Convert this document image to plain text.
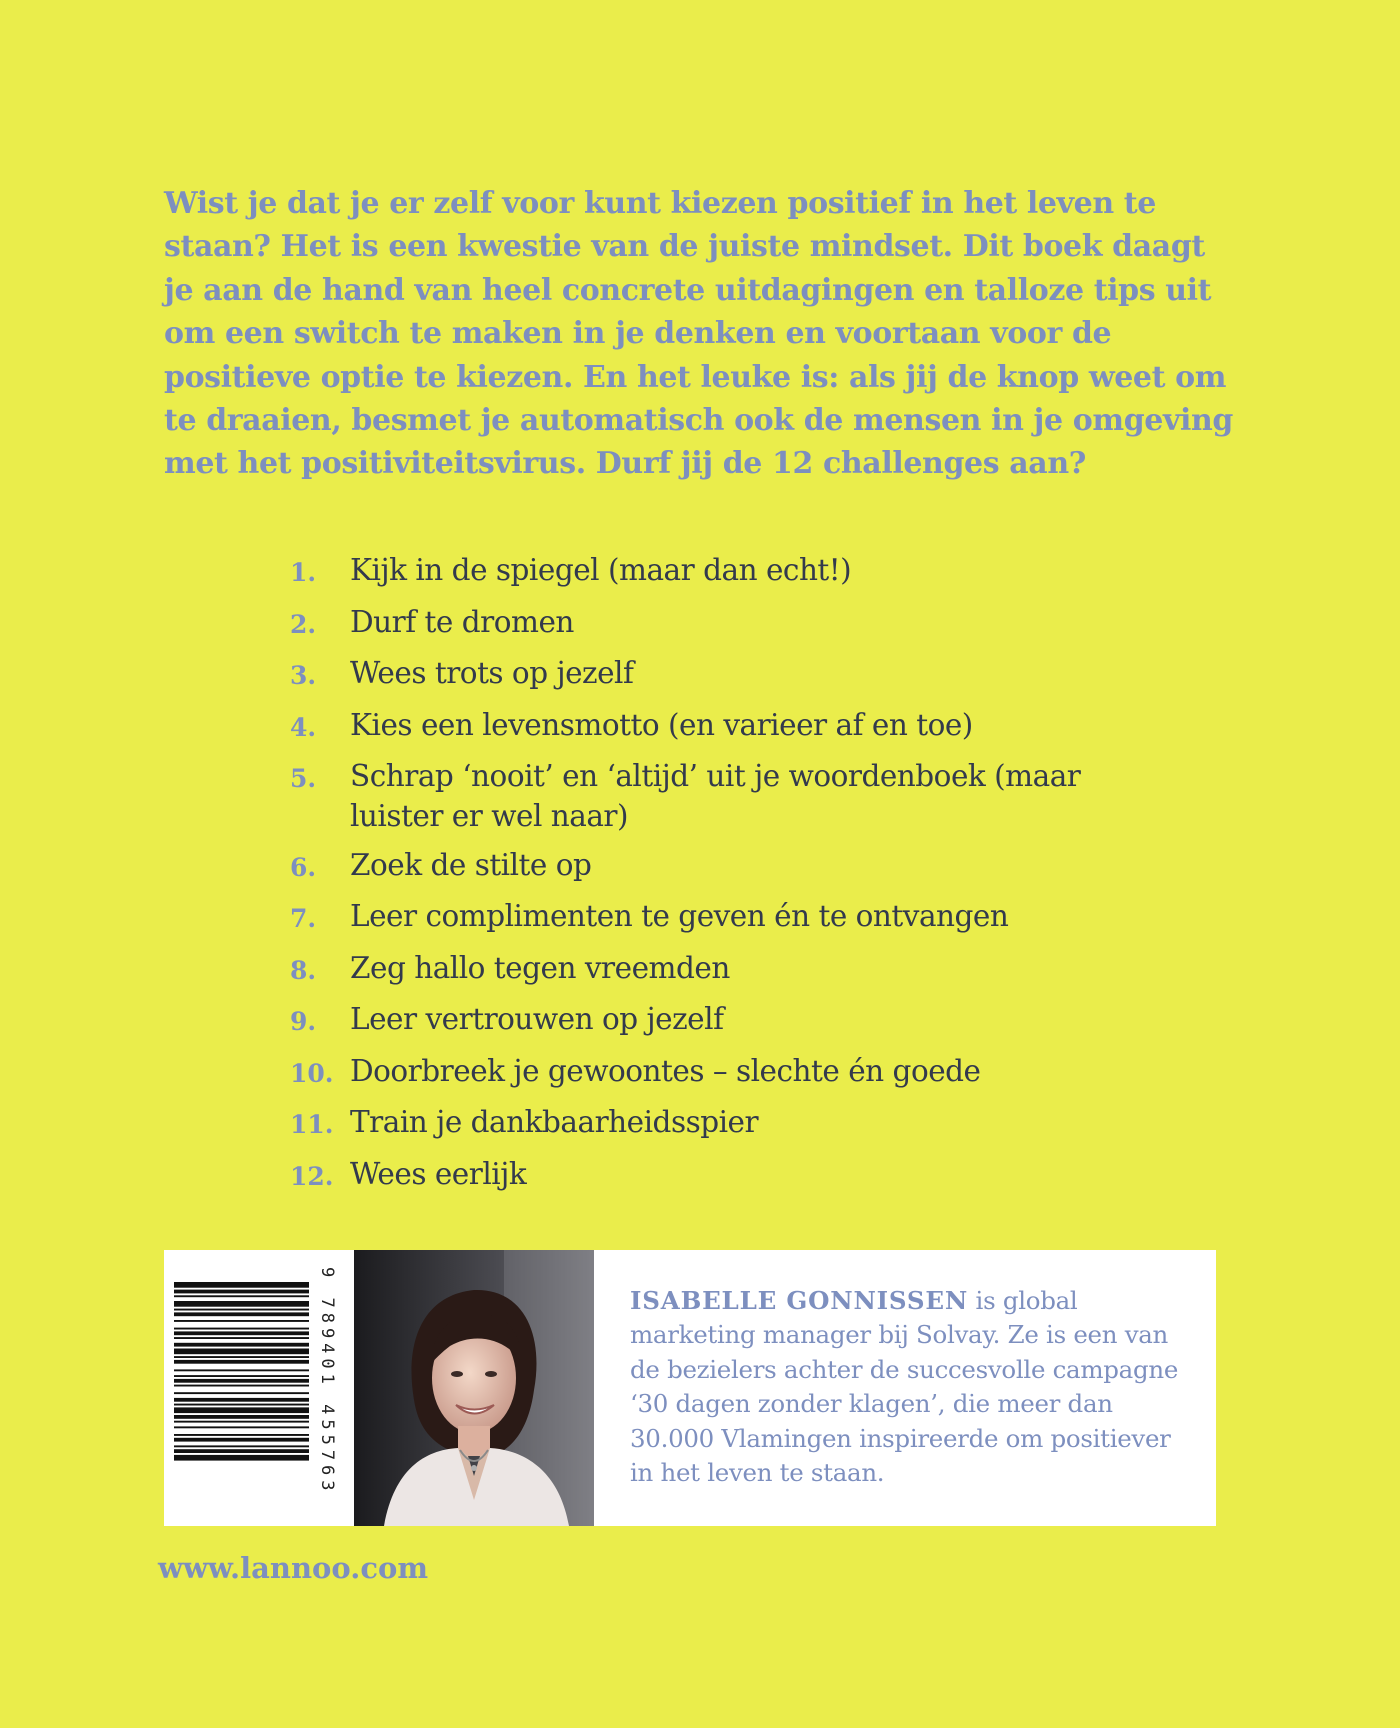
Wist je dat je er zelf voor kunt kiezen positief in het leven te staan? Het is een kwestie van de juiste mindset. Dit boek daagt je aan de hand van heel concrete uitdagingen en talloze tips uit om een switch te maken in je denken en voortaan voor de positieve optie te kiezen. En het leuke is: als jij de knop weet om te draaien, besmet je automatisch ook de mensen in je omgeving met het positiviteitsvirus. Durf jij de 12 challenges aan?

1.	Kijk in de spiegel (maar dan echt!)
2.	Durf te dromen
3.	Wees trots op jezelf
4.	Kies een levensmotto (en varieer af en toe)
5.	Schrap ‘nooit’ en ‘altijd’ uit je woordenboek (maar luister er wel naar)
6.	Zoek de stilte op
7.	Leer complimenten te geven én te ontvangen
8.	Zeg hallo tegen vreemden
9.	Leer vertrouwen op jezelf
10. Doorbreek je gewoontes – slechte én goede
11. Train je dankbaarheidsspier
12. Wees eerlijk
9 789401 455763	ISABELLE GONNISSEN is global marketing manager bij Solvay. Ze is een van de bezielers achter de succesvolle campagne ‘30 dagen zonder klagen’, die meer dan 30.000 Vlamingen inspireerde om positiever in het leven te staan.
www.lannoo.com
